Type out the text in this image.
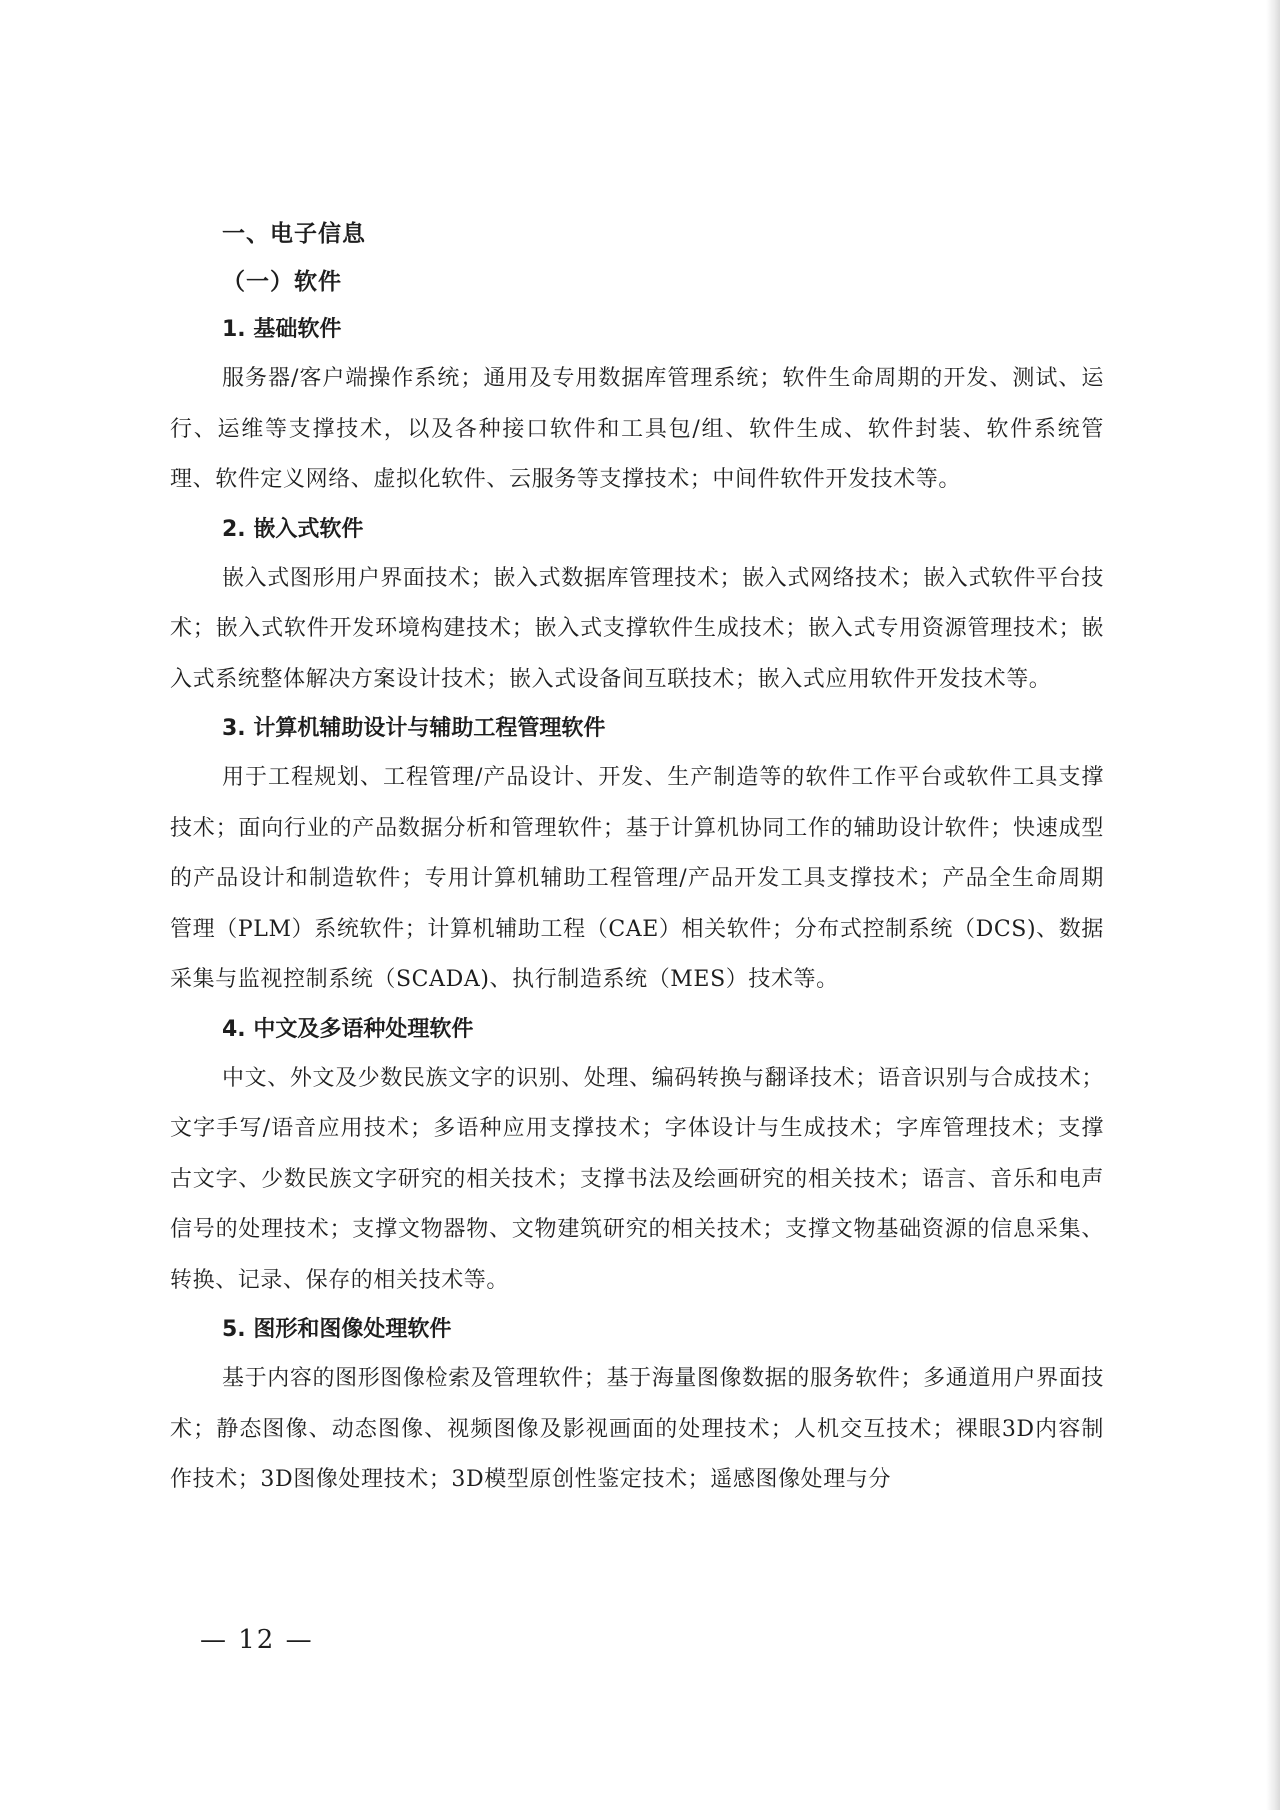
一、电子信息
（一）软件
1. 基础软件

服务器/客户端操作系统；通用及专用数据库管理系统；软件生命周期的开发、测试、运行、运维等支撑技术，以及各种接口软件和工具包/组、软件生成、软件封装、软件系统管理、软件定义网络、虚拟化软件、云服务等支撑技术；中间件软件开发技术等。

2. 嵌入式软件

嵌入式图形用户界面技术；嵌入式数据库管理技术；嵌入式网络技术；嵌入式软件平台技术；嵌入式软件开发环境构建技术；嵌入式支撑软件生成技术；嵌入式专用资源管理技术；嵌入式系统整体解决方案设计技术；嵌入式设备间互联技术；嵌入式应用软件开发技术等。

3. 计算机辅助设计与辅助工程管理软件

用于工程规划、工程管理/产品设计、开发、生产制造等的软件工作平台或软件工具支撑技术；面向行业的产品数据分析和管理软件；基于计算机协同工作的辅助设计软件；快速成型的产品设计和制造软件；专用计算机辅助工程管理/产品开发工具支撑技术；产品全生命周期管理（PLM）系统软件；计算机辅助工程（CAE）相关软件；分布式控制系统（DCS)、数据采集与监视控制系统（SCADA)、执行制造系统（MES）技术等。

4. 中文及多语种处理软件

中文、外文及少数民族文字的识别、处理、编码转换与翻译技术；语音识别与合成技术；文字手写/语音应用技术；多语种应用支撑技术；字体设计与生成技术；字库管理技术；支撑古文字、少数民族文字研究的相关技术；支撑书法及绘画研究的相关技术；语言、音乐和电声信号的处理技术；支撑文物器物、文物建筑研究的相关技术；支撑文物基础资源的信息采集、转换、记录、保存的相关技术等。

5. 图形和图像处理软件

基于内容的图形图像检索及管理软件；基于海量图像数据的服务软件；多通道用户界面技术；静态图像、动态图像、视频图像及影视画面的处理技术；人机交互技术；裸眼3D内容制作技术；3D图像处理技术；3D模型原创性鉴定技术；遥感图像处理与分

— 12 —
